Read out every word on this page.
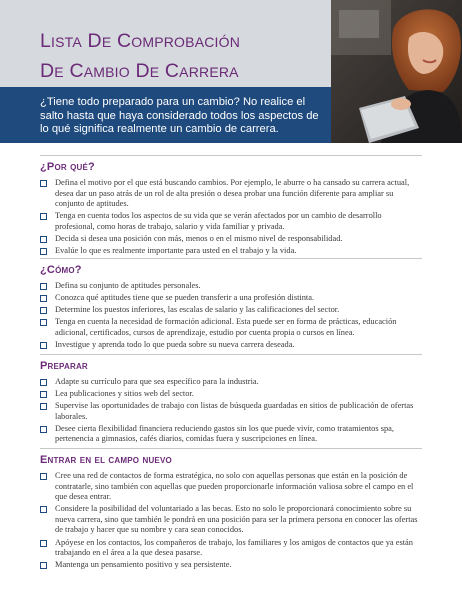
Lista De Comprobación
De Cambio De Carrera

¿Tiene todo preparado para un cambio? No realice el salto hasta que haya considerado todos los aspectos de lo qué significa realmente un cambio de carrera.

¿Por qué?
Defina el motivo por el que está buscando cambios. Por ejemplo, le aburre o ha cansado su carrera actual, desea dar un paso atrás de un rol de alta presión o desea probar una función diferente para ampliar su conjunto de aptitudes.
Tenga en cuenta todos los aspectos de su vida que se verán afectados por un cambio de desarrollo profesional, como horas de trabajo, salario y vida familiar y privada.
Decida si desea una posición con más, menos o en el mismo nivel de responsabilidad.
Evalúe lo que es realmente importante para usted en el trabajo y la vida.
¿Cómo?
Defina su conjunto de aptitudes personales.
Conozca qué aptitudes tiene que se pueden transferir a una profesión distinta.
Determine los puestos inferiores, las escalas de salario y las calificaciones del sector.
Tenga en cuenta la necesidad de formación adicional. Esta puede ser en forma de prácticas, educación adicional, certificados, cursos de aprendizaje, estudio por cuenta propia o cursos en línea.
Investigue y aprenda todo lo que pueda sobre su nueva carrera deseada.
Preparar
Adapte su currículo para que sea específico para la industria.
Lea publicaciones y sitios web del sector.
Supervise las oportunidades de trabajo con listas de búsqueda guardadas en sitios de publicación de ofertas laborales.
Desee cierta flexibilidad financiera reduciendo gastos sin los que puede vivir, como tratamientos spa, pertenencia a gimnasios, cafés diarios, comidas fuera y suscripciones en línea.
Entrar en el campo nuevo
Cree una red de contactos de forma estratégica, no solo con aquellas personas que están en la posición de contratarle, sino también con aquellas que pueden proporcionarle información valiosa sobre el campo en el que desea entrar.
Considere la posibilidad del voluntariado a las becas. Esto no solo le proporcionará conocimiento sobre su nueva carrera, sino que también le pondrá en una posición para ser la primera persona en conocer las ofertas de trabajo y hacer que su nombre y cara sean conocidos.
Apóyese en los contactos, los compañeros de trabajo, los familiares y los amigos de contactos que ya están trabajando en el área a la que desea pasarse.
Mantenga un pensamiento positivo y sea persistente.
